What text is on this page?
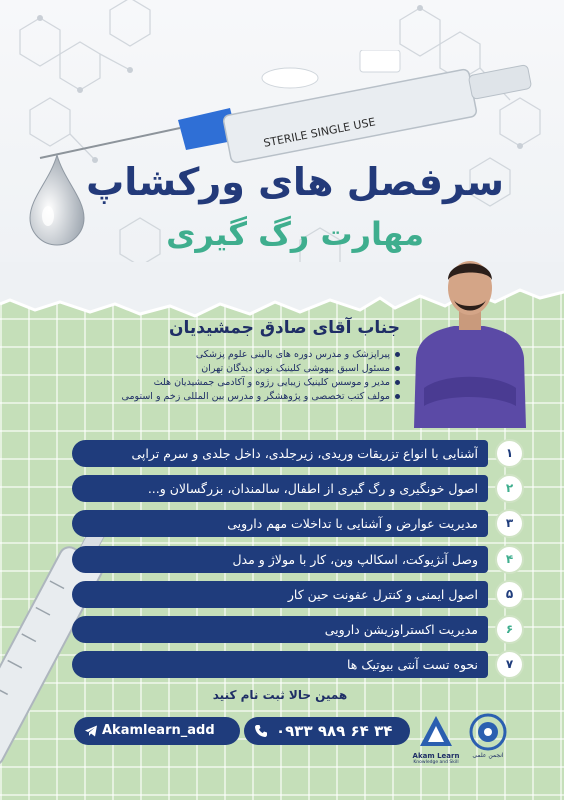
STERILE SINGLE USE
سرفصل های ورکشاپ
مهارت رگ گیری
جناب آقای صادق جمشیدیان
پیراپزشک و مدرس دوره های بالینی علوم پزشکی
مسئول اسبق بیهوشی کلینیک نوین دیدگان تهران
مدیر و موسس کلینیک زیبایی رژوه و آکادمی جمشیدیان هلث
مولف کتب تخصصی و پژوهشگر و مدرس بین المللی زخم و استومی
آشنایی با انواع تزریقات وریدی، زیرجلدی، داخل جلدی و سرم تراپی	۱
اصول خونگیری و رگ گیری از اطفال، سالمندان، بزرگسالان و...	۲
مدیریت عوارض و آشنایی با تداخلات مهم دارویی	۳
وصل آنژیوکت، اسکالپ وین، کار با مولاژ و مدل	۴
اصول ایمنی و کنترل عفونت حین کار	۵
مدیریت اکستراوزیشن دارویی	۶
نحوه تست آنتی بیوتیک ها	۷
همین حالا ثبت نام کنید
Akamlearn_add	۰۹۳۳ ۹۸۹ ۶۴ ۳۴
Akam Learn
Knowledge and Skill
انجمن علمی
